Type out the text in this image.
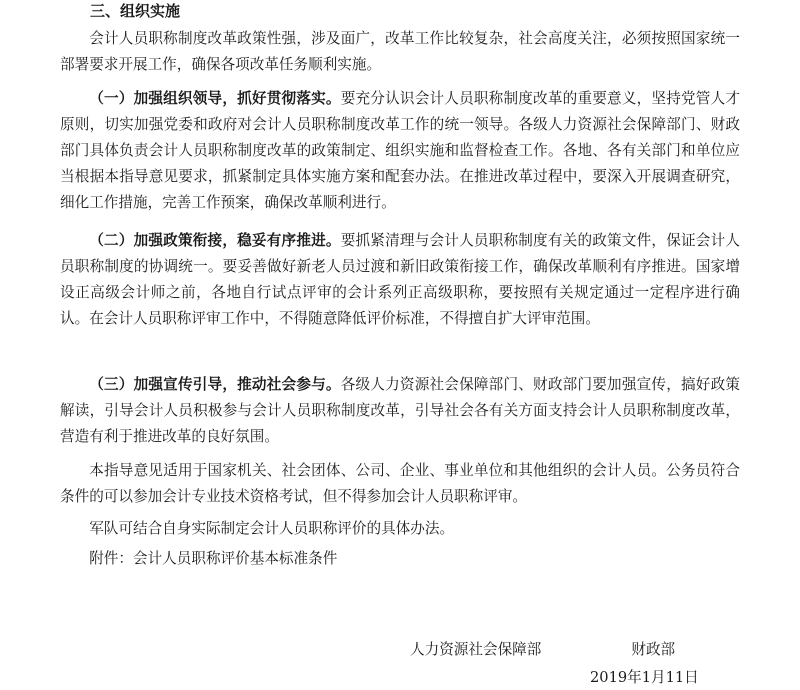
三、组织实施

会计人员职称制度改革政策性强，涉及面广，改革工作比较复杂，社会高度关注，必须按照国家统一部署要求开展工作，确保各项改革任务顺利实施。

（一）加强组织领导，抓好贯彻落实。要充分认识会计人员职称制度改革的重要意义，坚持党管人才原则，切实加强党委和政府对会计人员职称制度改革工作的统一领导。各级人力资源社会保障部门、财政部门具体负责会计人员职称制度改革的政策制定、组织实施和监督检查工作。各地、各有关部门和单位应当根据本指导意见要求，抓紧制定具体实施方案和配套办法。在推进改革过程中，要深入开展调查研究，细化工作措施，完善工作预案，确保改革顺利进行。

（二）加强政策衔接，稳妥有序推进。要抓紧清理与会计人员职称制度有关的政策文件，保证会计人员职称制度的协调统一。要妥善做好新老人员过渡和新旧政策衔接工作，确保改革顺利有序推进。国家增设正高级会计师之前，各地自行试点评审的会计系列正高级职称，要按照有关规定通过一定程序进行确认。在会计人员职称评审工作中，不得随意降低评价标准，不得擅自扩大评审范围。

（三）加强宣传引导，推动社会参与。各级人力资源社会保障部门、财政部门要加强宣传，搞好政策解读，引导会计人员积极参与会计人员职称制度改革，引导社会各有关方面支持会计人员职称制度改革，营造有利于推进改革的良好氛围。

本指导意见适用于国家机关、社会团体、公司、企业、事业单位和其他组织的会计人员。公务员符合条件的可以参加会计专业技术资格考试，但不得参加会计人员职称评审。

军队可结合自身实际制定会计人员职称评价的具体办法。

附件：会计人员职称评价基本标准条件

人力资源社会保障部	财政部
2019年1月11日
